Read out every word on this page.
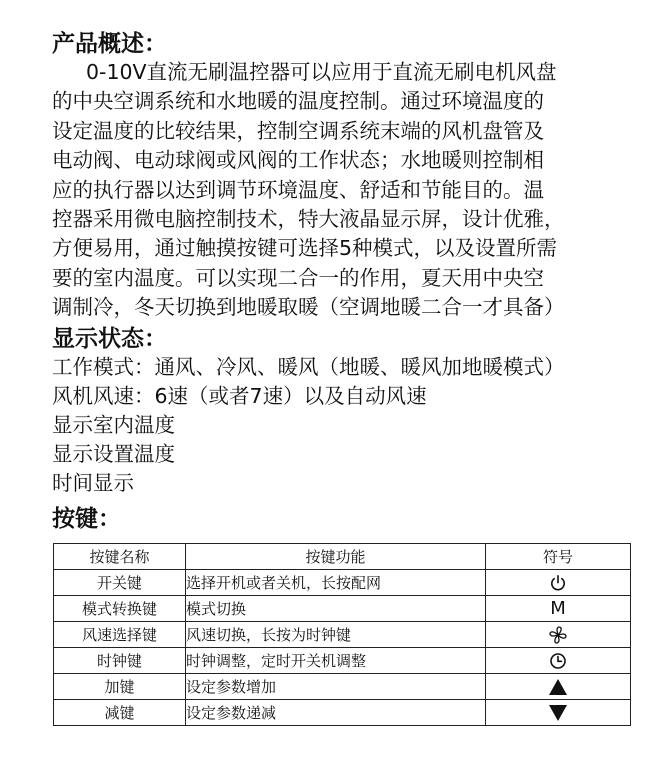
产品概述：
0-10V直流无刷温控器可以应用于直流无刷电机风盘
的中央空调系统和水地暖的温度控制。通过环境温度的
设定温度的比较结果，控制空调系统末端的风机盘管及
电动阀、电动球阀或风阀的工作状态；水地暖则控制相
应的执行器以达到调节环境温度、舒适和节能目的。温
控器采用微电脑控制技术，特大液晶显示屏，设计优雅，
方便易用，通过触摸按键可选择5种模式，以及设置所需
要的室内温度。可以实现二合一的作用，夏天用中央空
调制冷，冬天切换到地暖取暖（空调地暖二合一才具备）
显示状态：
工作模式：通风、冷风、暖风（地暖、暖风加地暖模式）
风机风速：6速（或者7速）以及自动风速
显示室内温度
显示设置温度
时间显示
按键：
按键名称	按键功能	符号
开关键	选择开机或者关机，长按配网	

模式转换键	模式切换	M
风速选择键	风速切换，长按为时钟键	

时钟键	时钟调整，定时开关机调整	

加键	设定参数增加	

减键	设定参数递减	
